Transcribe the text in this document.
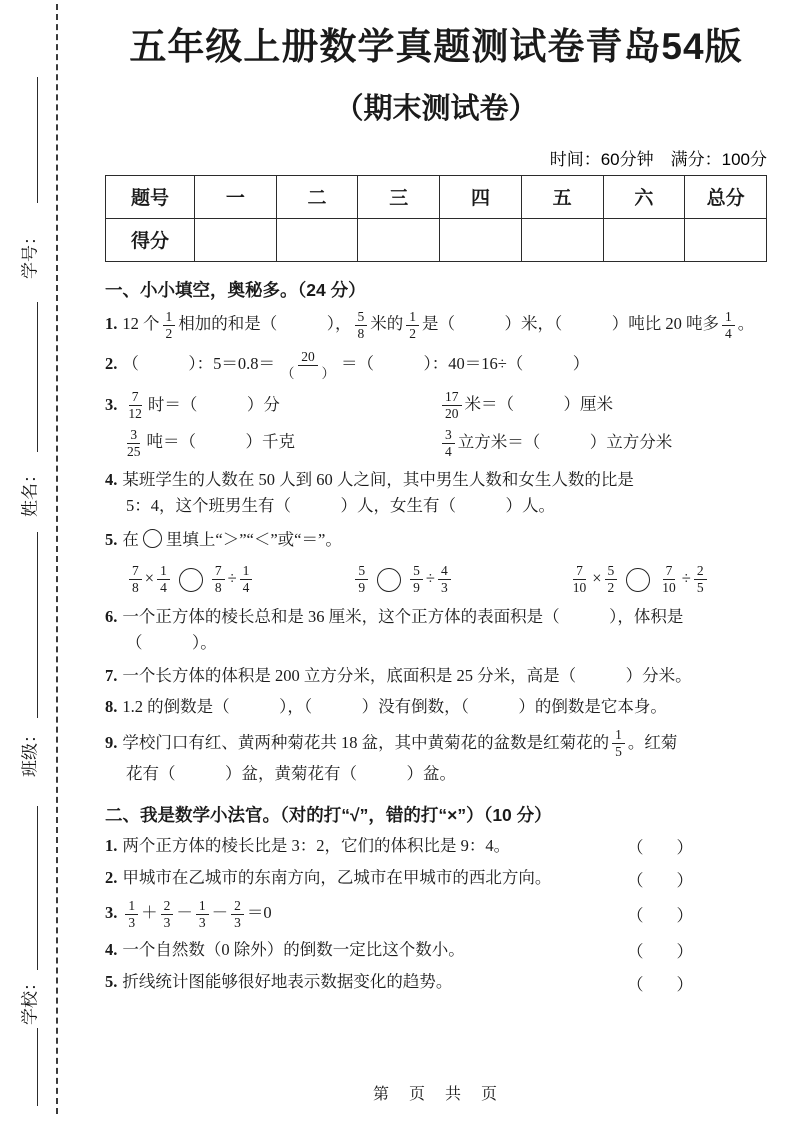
学号：
姓名：
班级：
学校：
五年级上册数学真题测试卷青岛54版
（期末测试卷）
时间：60分钟　满分：100分
题号	一	二	三	四	五	六	总分
得分							
一、小小填空，奥秘多。（24 分）
1. 12 个 $\frac{1}{2}$ 相加的和是（　　　）， $\frac{5}{8}$ 米的 $\frac{1}{2}$ 是（　　　）米，（　　　）吨比 20 吨多 $\frac{1}{4}$ 。
2. （　　　）：$5=0.8= \frac{20}{( )}$ ＝（　　　）：40＝16÷（　　　）
3. $\frac{7}{12}$ 时＝（　　　）分	$\frac{17}{20}$ 米＝（　　　）厘米
$\frac{3}{25}$ 吨＝（　　　）千克	$\frac{3}{4}$ 立方米＝（　　　）立方分米
4. 某班学生的人数在 50 人到 60 人之间，其中男生人数和女生人数的比是
5：4，这个班男生有（　　　）人，女生有（　　　）人。
5. 在 里填上“＞”“＜”或“＝”。
$\frac{7}{8} \times \frac{1}{4}$	$\frac{7}{8} \div \frac{1}{4}$	$\frac{5}{9}$	$\frac{5}{9} \div \frac{4}{3}$	$\frac{7}{10} \times \frac{5}{2}$	$\frac{7}{10} \div \frac{2}{5}$
6. 一个正方体的棱长总和是 36 厘米，这个正方体的表面积是（　　　），体积是
（　　　）。
7. 一个长方体的体积是 200 立方分米，底面积是 25 分米，高是（　　　）分米。
8. 1.2 的倒数是（　　　），（　　　）没有倒数，（　　　）的倒数是它本身。
9. 学校门口有红、黄两种菊花共 18 盆，其中黄菊花的盆数是红菊花的 $\frac{1}{5}$ 。红菊
花有（　　　）盆，黄菊花有（　　　）盆。
二、我是数学小法官。（对的打“√”，错的打“×”）（10 分）
1. 两个正方体的棱长比是 3：2，它们的体积比是 9：4。	（　　）
2. 甲城市在乙城市的东南方向，乙城市在甲城市的西北方向。	（　　）
3. $\frac{1}{3} + \frac{2}{3} - \frac{1}{3} - \frac{2}{3} =0$	（　　）
4. 一个自然数（0 除外）的倒数一定比这个数小。	（　　）
5. 折线统计图能够很好地表示数据变化的趋势。	（　　）
第　页　共　页
